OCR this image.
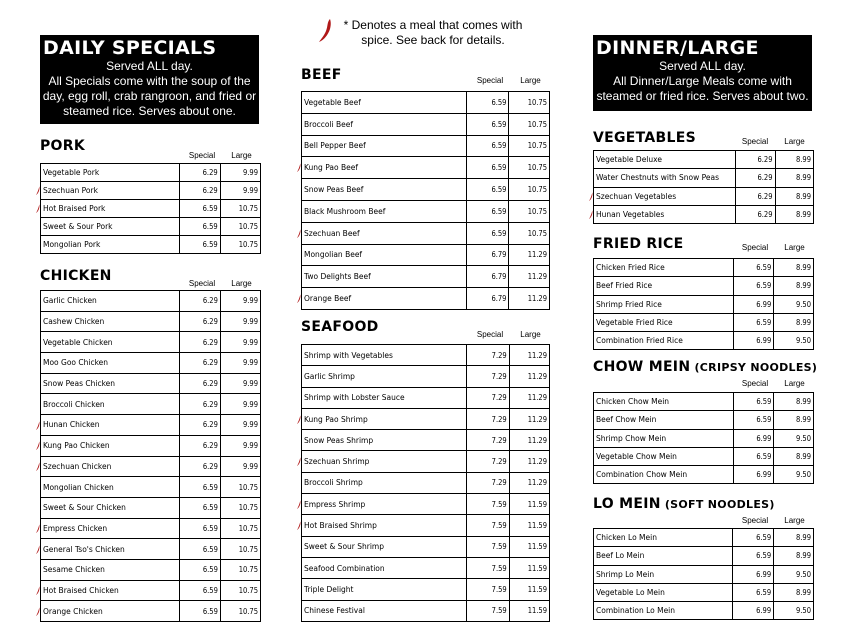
* Denotes a meal that comes with
spice. See back for details.
DAILY SPECIALS

Served ALL day.

All Specials come with the soup of the

day, egg roll, crab rangroon, and fried or

steamed rice. Serves about one.

DINNER/LARGE

Served ALL day.

All Dinner/Large Meals come with

steamed or fried rice. Serves about two.

PORK
Special	Large
Vegetable Pork	6.29	9.99
Szechuan Pork	6.29	9.99
Hot Braised Pork	6.59	10.75
Sweet & Sour Pork	6.59	10.75
Mongolian Pork	6.59	10.75
CHICKEN	Special	Large
Garlic Chicken	6.29	9.99
Cashew Chicken	6.29	9.99
Vegetable Chicken	6.29	9.99
Moo Goo Chicken	6.29	9.99
Snow Peas Chicken	6.29	9.99
Broccoli Chicken	6.29	9.99
Hunan Chicken	6.29	9.99
Kung Pao Chicken	6.29	9.99
Szechuan Chicken	6.29	9.99
Mongolian Chicken	6.59	10.75
Sweet & Sour Chicken	6.59	10.75
Empress Chicken	6.59	10.75
General Tso's Chicken	6.59	10.75
Sesame Chicken	6.59	10.75
Hot Braised Chicken	6.59	10.75
Orange Chicken	6.59	10.75
BEEF	Special	Large
Vegetable Beef	6.59	10.75
Broccoli Beef	6.59	10.75
Bell Pepper Beef	6.59	10.75
Kung Pao Beef	6.59	10.75
Snow Peas Beef	6.59	10.75
Black Mushroom Beef	6.59	10.75
Szechuan Beef	6.59	10.75
Mongolian Beef	6.79	11.29
Two Delights Beef	6.79	11.29
Orange Beef	6.79	11.29
SEAFOOD	Special	Large
Shrimp with Vegetables	7.29	11.29
Garlic Shrimp	7.29	11.29
Shrimp with Lobster Sauce	7.29	11.29
Kung Pao Shrimp	7.29	11.29
Snow Peas Shrimp	7.29	11.29
Szechuan Shrimp	7.29	11.29
Broccoli Shrimp	7.29	11.29
Empress Shrimp	7.59	11.59
Hot Braised Shrimp	7.59	11.59
Sweet & Sour Shrimp	7.59	11.59
Seafood Combination	7.59	11.59
Triple Delight	7.59	11.59
Chinese Festival	7.59	11.59
VEGETABLES	Special	Large
Vegetable Deluxe	6.29	8.99
Water Chestnuts with Snow Peas	6.29	8.99
Szechuan Vegetables	6.29	8.99
Hunan Vegetables	6.29	8.99
FRIED RICE	Special	Large
Chicken Fried Rice	6.59	8.99
Beef Fried Rice	6.59	8.99
Shrimp Fried Rice	6.99	9.50
Vegetable Fried Rice	6.59	8.99
Combination Fried Rice	6.99	9.50
CHOW MEIN (CRIPSY NOODLES)
Special	Large
Chicken Chow Mein	6.59	8.99
Beef Chow Mein	6.59	8.99
Shrimp Chow Mein	6.99	9.50
Vegetable Chow Mein	6.59	8.99
Combination Chow Mein	6.99	9.50
LO MEIN (SOFT NOODLES)
Special	Large
Chicken Lo Mein	6.59	8.99
Beef Lo Mein	6.59	8.99
Shrimp Lo Mein	6.99	9.50
Vegetable Lo Mein	6.59	8.99
Combination Lo Mein	6.99	9.50
